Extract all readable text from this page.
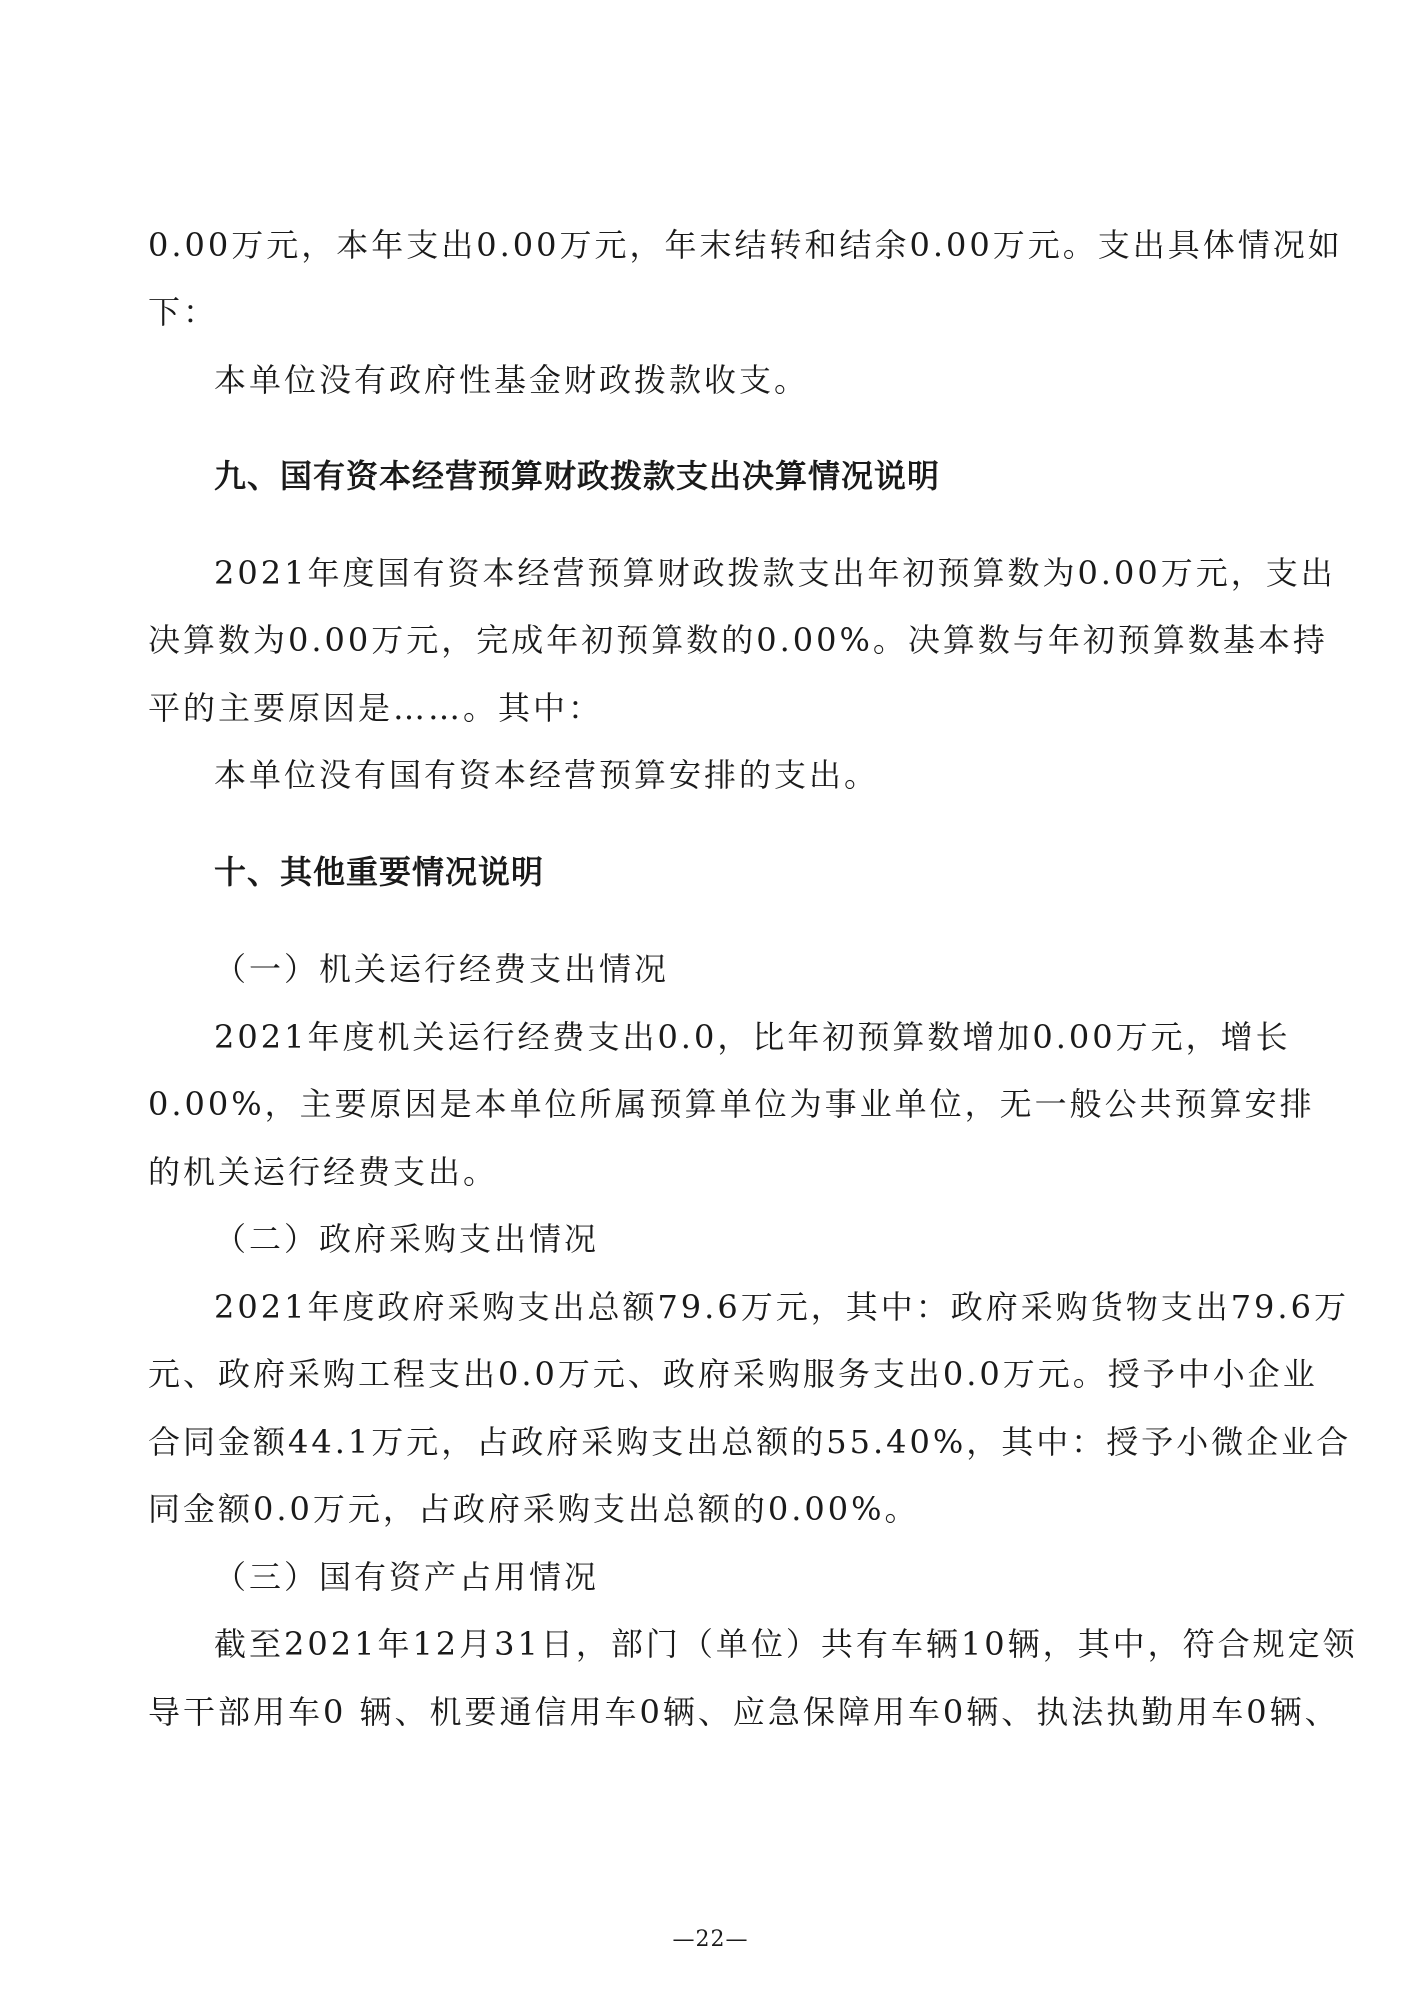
0.00万元，本年支出0.00万元，年末结转和结余0.00万元。支出具体情况如
下：
本单位没有政府性基金财政拨款收支。
九、国有资本经营预算财政拨款支出决算情况说明
2021年度国有资本经营预算财政拨款支出年初预算数为0.00万元，支出
决算数为0.00万元，完成年初预算数的0.00%。决算数与年初预算数基本持
平的主要原因是……。其中：
本单位没有国有资本经营预算安排的支出。
十、其他重要情况说明
（一）机关运行经费支出情况
2021年度机关运行经费支出0.0，比年初预算数增加0.00万元，增长
0.00%，主要原因是本单位所属预算单位为事业单位，无一般公共预算安排
的机关运行经费支出。
（二）政府采购支出情况
2021年度政府采购支出总额79.6万元，其中：政府采购货物支出79.6万
元、政府采购工程支出0.0万元、政府采购服务支出0.0万元。授予中小企业
合同金额44.1万元，占政府采购支出总额的55.40%，其中：授予小微企业合
同金额0.0万元，占政府采购支出总额的0.00%。
（三）国有资产占用情况
截至2021年12月31日，部门（单位）共有车辆10辆，其中，符合规定领
导干部用车0 辆、机要通信用车0辆、应急保障用车0辆、执法执勤用车0辆、
—22—
